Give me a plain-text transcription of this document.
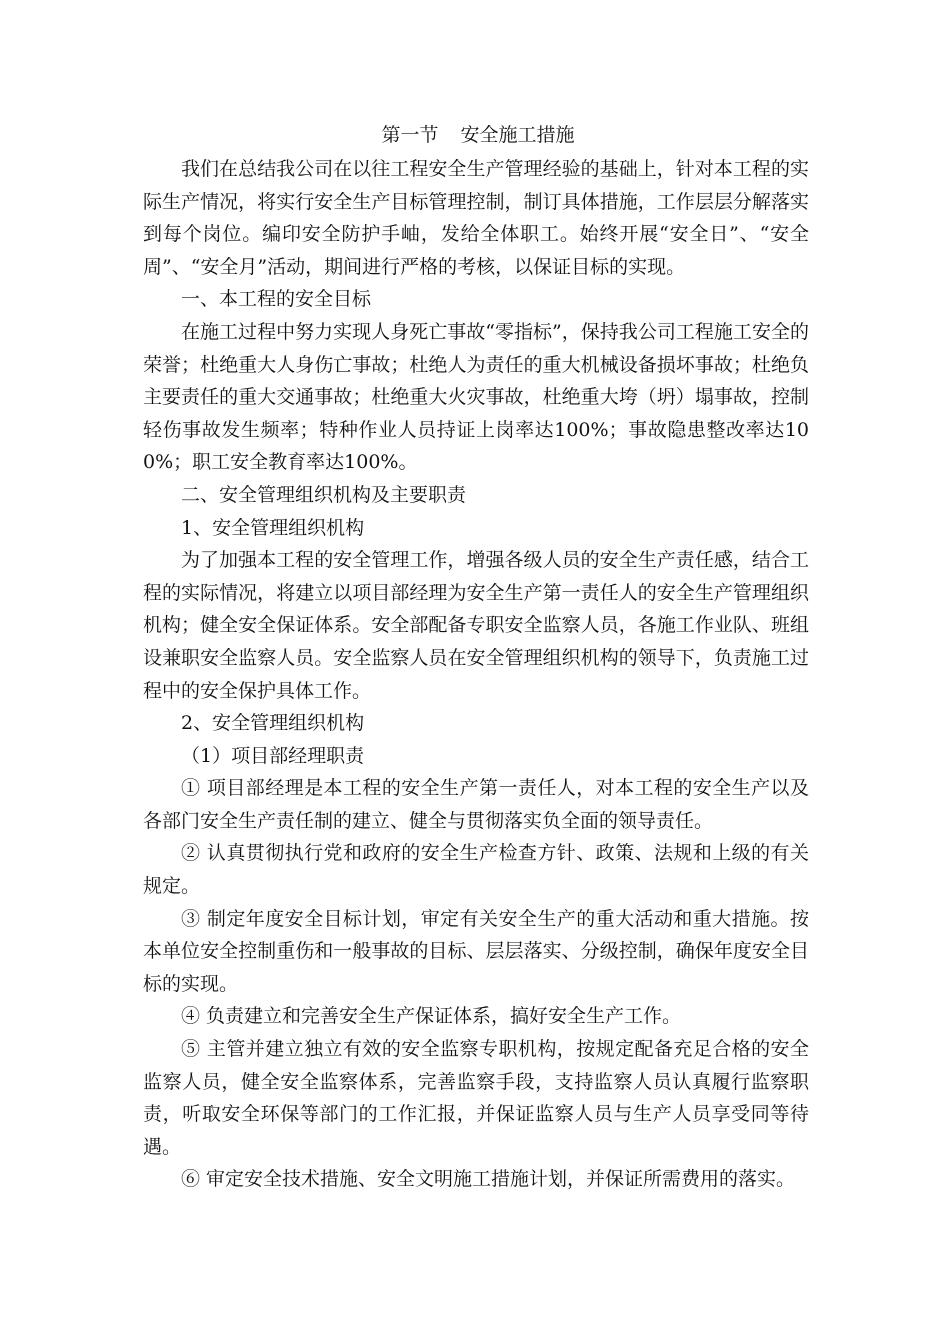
第一节 安全施工措施

我们在总结我公司在以往工程安全生产管理经验的基础上，针对本工程的实际生产情况，将实行安全生产目标管理控制，制订具体措施，工作层层分解落实到每个岗位。编印安全防护手岫，发给全体职工。始终开展“安全日”、“安全周”、“安全月”活动，期间进行严格的考核，以保证目标的实现。

一、本工程的安全目标

在施工过程中努力实现人身死亡事故“零指标”，保持我公司工程施工安全的荣誉；杜绝重大人身伤亡事故；杜绝人为责任的重大机械设备损坏事故；杜绝负主要责任的重大交通事故；杜绝重大火灾事故，杜绝重大垮（坍）塌事故，控制轻伤事故发生频率；特种作业人员持证上岗率达100%；事故隐患整改率达100%；职工安全教育率达100%。

二、安全管理组织机构及主要职责

1、安全管理组织机构

为了加强本工程的安全管理工作，增强各级人员的安全生产责任感，结合工程的实际情况，将建立以项目部经理为安全生产第一责任人的安全生产管理组织机构；健全安全保证体系。安全部配备专职安全监察人员，各施工作业队、班组设兼职安全监察人员。安全监察人员在安全管理组织机构的领导下，负责施工过程中的安全保护具体工作。

2、安全管理组织机构

（1）项目部经理职责

① 项目部经理是本工程的安全生产第一责任人，对本工程的安全生产以及各部门安全生产责任制的建立、健全与贯彻落实负全面的领导责任。

② 认真贯彻执行党和政府的安全生产检查方针、政策、法规和上级的有关规定。

③ 制定年度安全目标计划，审定有关安全生产的重大活动和重大措施。按本单位安全控制重伤和一般事故的目标、层层落实、分级控制，确保年度安全目标的实现。

④ 负责建立和完善安全生产保证体系，搞好安全生产工作。

⑤ 主管并建立独立有效的安全监察专职机构，按规定配备充足合格的安全监察人员，健全安全监察体系，完善监察手段，支持监察人员认真履行监察职责，听取安全环保等部门的工作汇报，并保证监察人员与生产人员享受同等待遇。

⑥ 审定安全技术措施、安全文明施工措施计划，并保证所需费用的落实。
